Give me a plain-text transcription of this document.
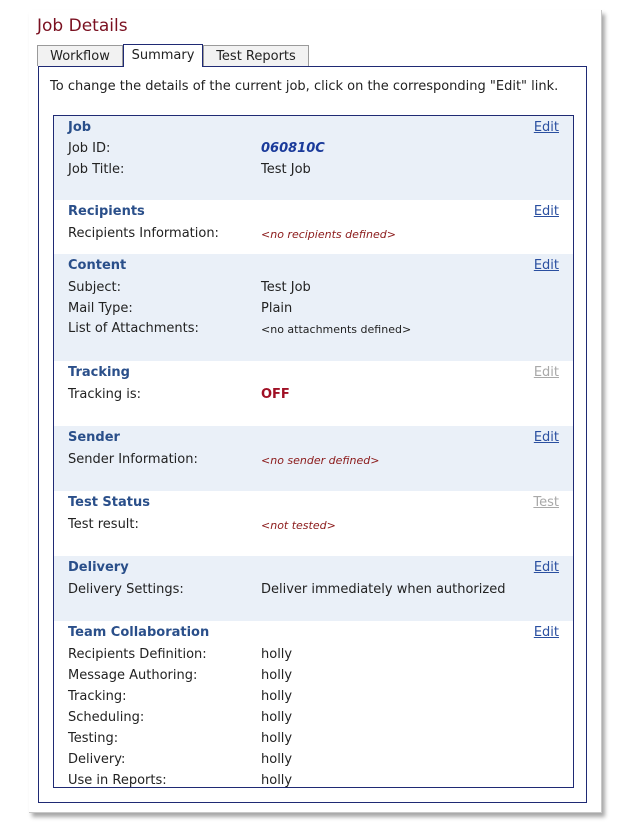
Job Details
Workflow	Summary	Test Reports
To change the details of the current job, click on the corresponding "Edit" link.
Job	Edit
Job ID:	060810C
Job Title:	Test Job
Recipients	Edit
Recipients Information:	<no recipients defined>
Content	Edit
Subject:	Test Job
Mail Type:	Plain
List of Attachments:	<no attachments defined>
Tracking	Edit
Tracking is:	OFF
Sender	Edit
Sender Information:	<no sender defined>
Test Status	Test
Test result:	<not tested>
Delivery	Edit
Delivery Settings:	Deliver immediately when authorized
Team Collaboration	Edit
Recipients Definition:	holly
Message Authoring:	holly
Tracking:	holly
Scheduling:	holly
Testing:	holly
Delivery:	holly
Use in Reports:	holly
